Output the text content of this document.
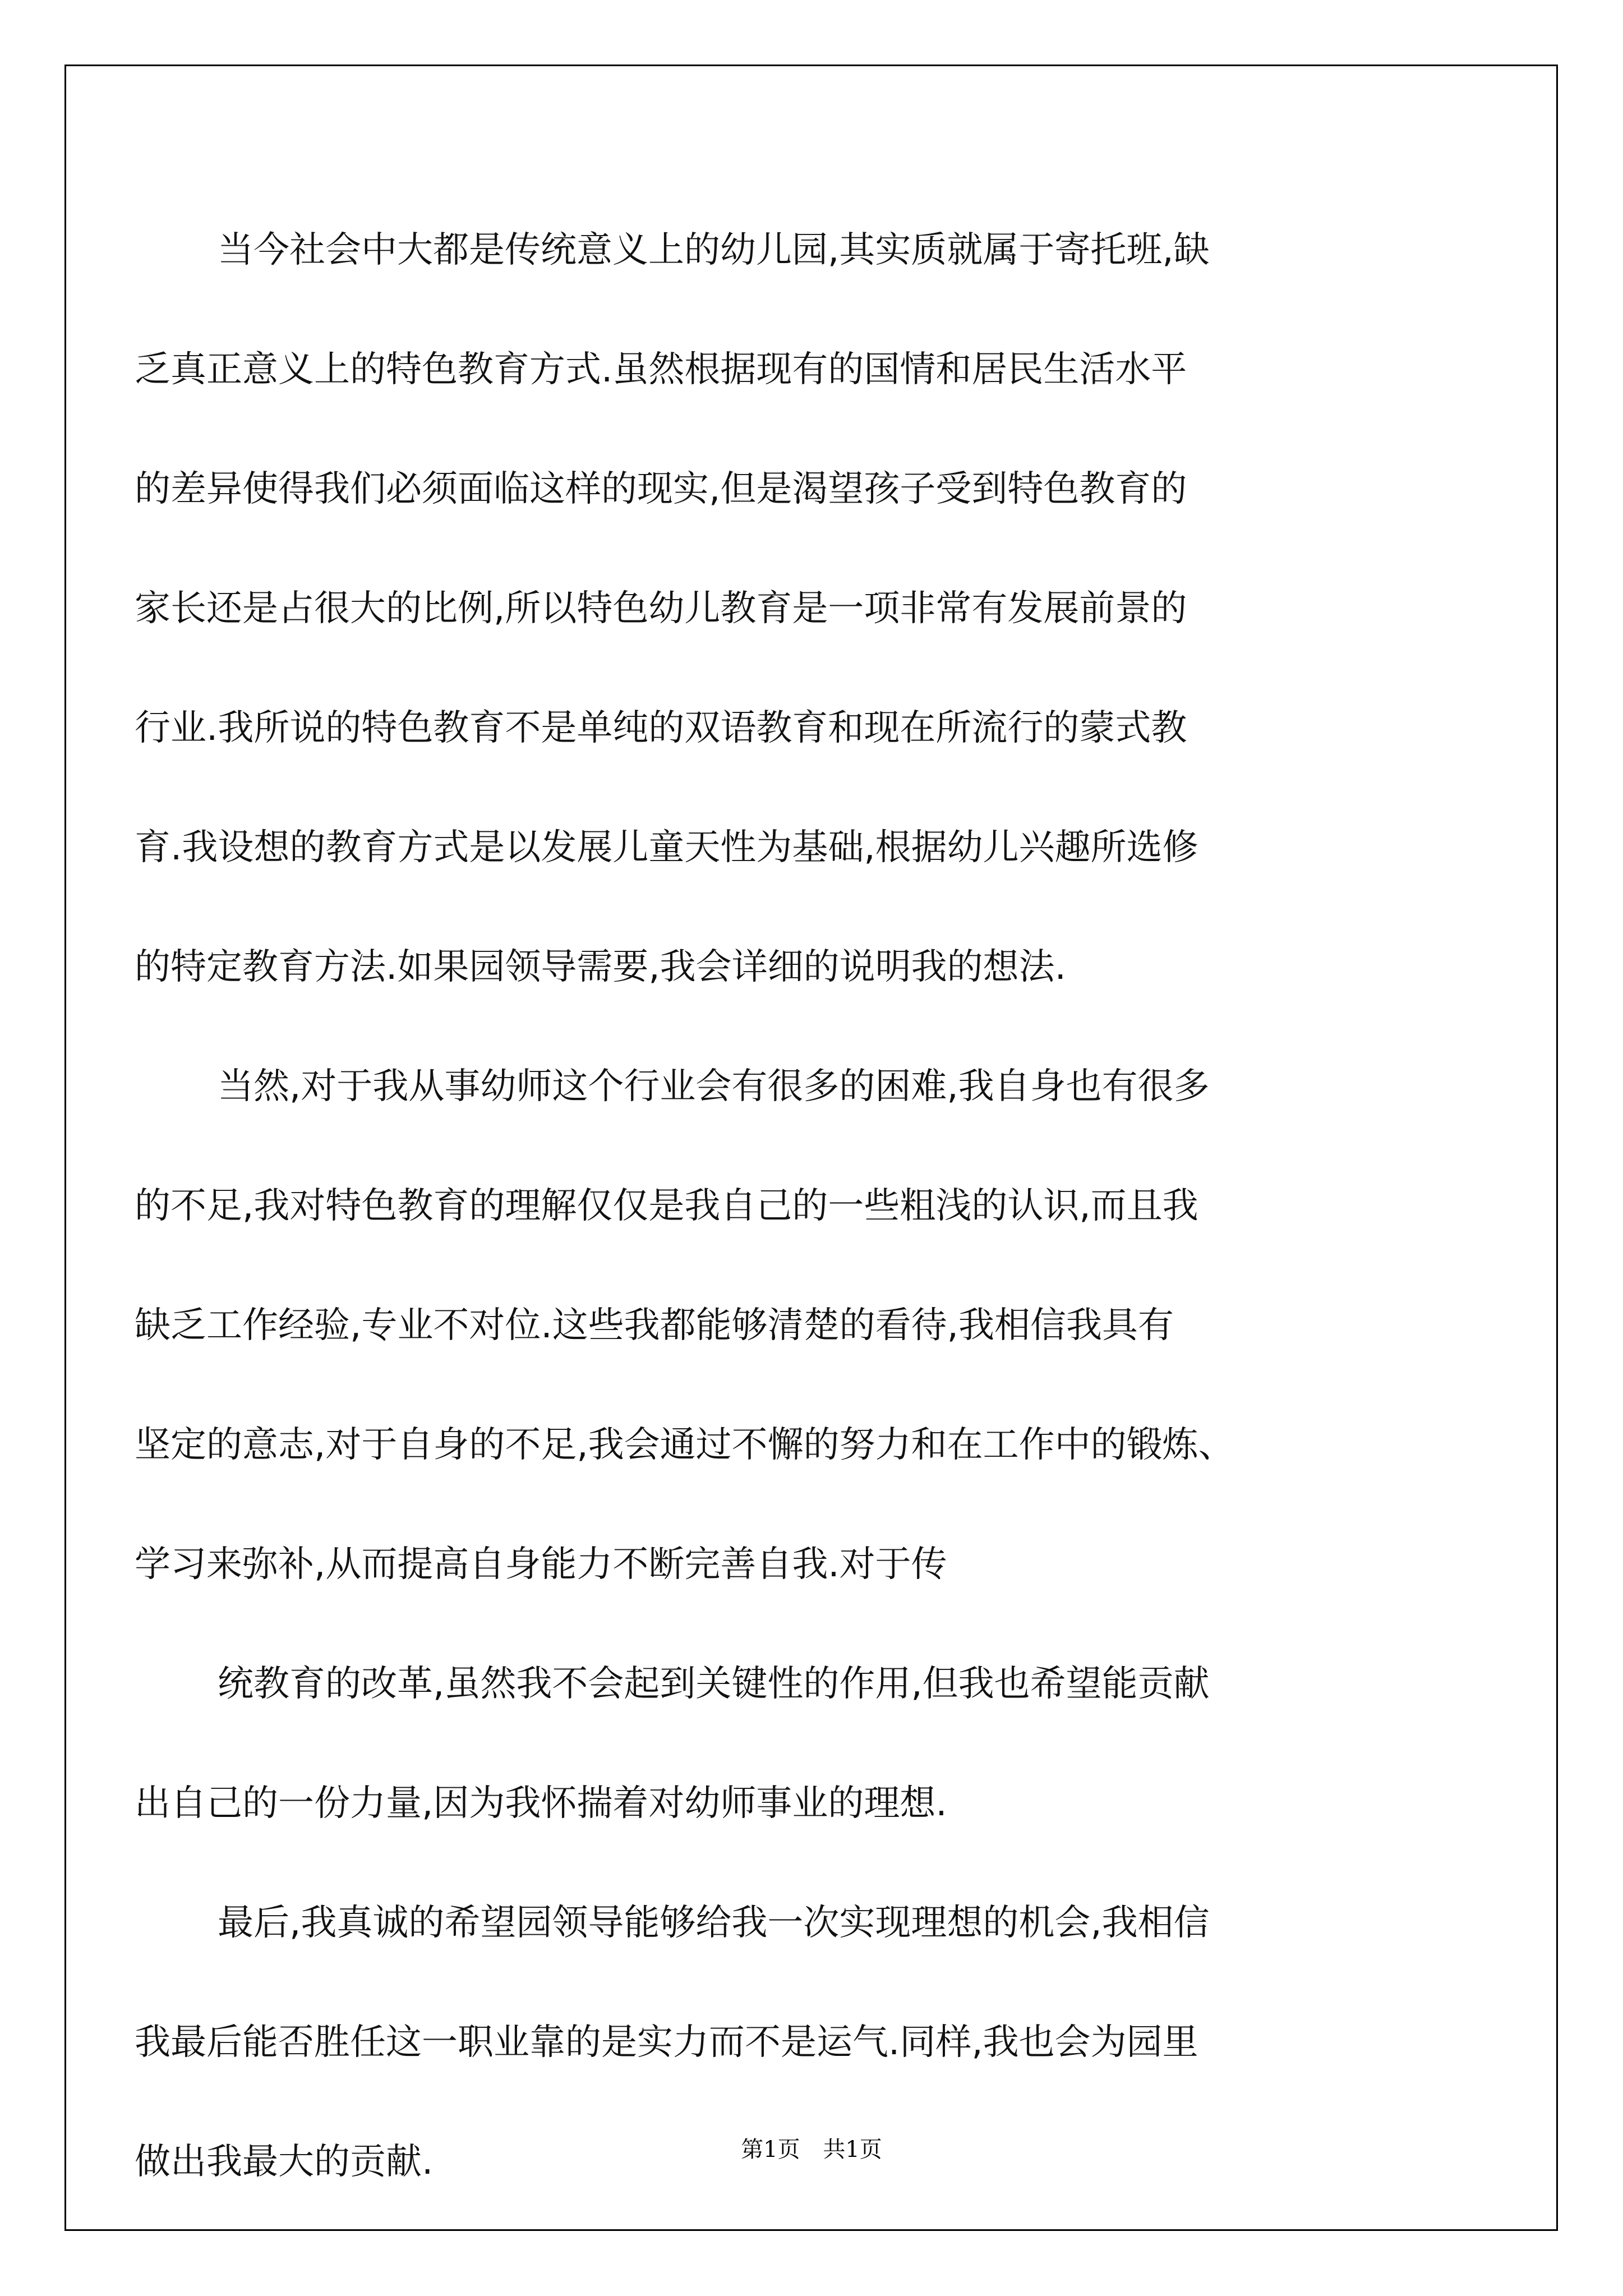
当今社会中大都是传统意义上的幼儿园,其实质就属于寄托班,缺
乏真正意义上的特色教育方式.虽然根据现有的国情和居民生活水平
的差异使得我们必须面临这样的现实,但是渴望孩子受到特色教育的
家长还是占很大的比例,所以特色幼儿教育是一项非常有发展前景的
行业.我所说的特色教育不是单纯的双语教育和现在所流行的蒙式教
育.我设想的教育方式是以发展儿童天性为基础,根据幼儿兴趣所选修
的特定教育方法.如果园领导需要,我会详细的说明我的想法.
当然,对于我从事幼师这个行业会有很多的困难,我自身也有很多
的不足,我对特色教育的理解仅仅是我自己的一些粗浅的认识,而且我
缺乏工作经验,专业不对位.这些我都能够清楚的看待,我相信我具有
坚定的意志,对于自身的不足,我会通过不懈的努力和在工作中的锻炼、
学习来弥补,从而提高自身能力不断完善自我.对于传
统教育的改革,虽然我不会起到关键性的作用,但我也希望能贡献
出自己的一份力量,因为我怀揣着对幼师事业的理想.
最后,我真诚的希望园领导能够给我一次实现理想的机会,我相信
我最后能否胜任这一职业靠的是实力而不是运气.同样,我也会为园里
做出我最大的贡献.	第1页 共1页
